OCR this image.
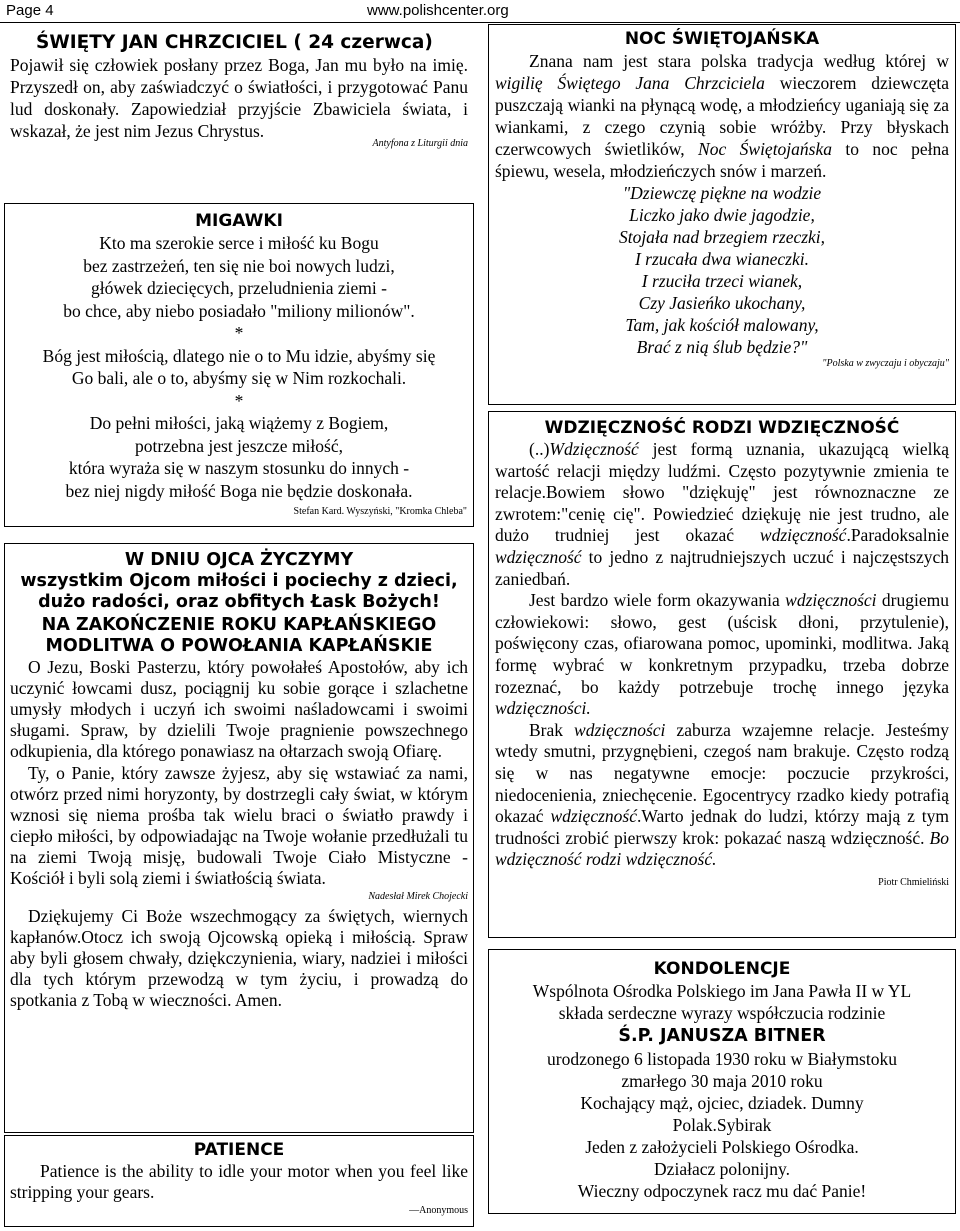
Page 4	www.polishcenter.org

ŚWIĘTY JAN CHRZCICIEL ( 24 czerwca)

Pojawił się człowiek posłany przez Boga, Jan mu było na imię. Przyszedł on, aby zaświadczyć o światłości, i przygotować Panu lud doskonały. Zapowiedział przyjście Zbawiciela świata, i wskazał, że jest nim Jezus Chrystus.

Antyfona z Liturgii dnia

MIGAWKI

Kto ma szerokie serce i miłość ku Bogu

bez zastrzeżeń, ten się nie boi nowych ludzi,

główek dziecięcych, przeludnienia ziemi -

bo chce, aby niebo posiadało "miliony milionów".

*

Bóg jest miłością, dlatego nie o to Mu idzie, abyśmy się

Go bali, ale o to, abyśmy się w Nim rozkochali.

*

Do pełni miłości, jaką wiążemy z Bogiem,

potrzebna jest jeszcze miłość,

która wyraża się w naszym stosunku do innych -

bez niej nigdy miłość Boga nie będzie doskonała.

Stefan Kard. Wyszyński, "Kromka Chleba"

W DNIU OJCA ŻYCZYMY

wszystkim Ojcom miłości i pociechy z dzieci, dużo radości, oraz obfitych Łask Bożych!

NA ZAKOŃCZENIE ROKU KAPŁAŃSKIEGO

MODLITWA O POWOŁANIA KAPŁAŃSKIE

O Jezu, Boski Pasterzu, który powołałeś Apostołów, aby ich uczynić łowcami dusz, pociągnij ku sobie gorące i szlachetne umysły młodych i uczyń ich swoimi naśladowcami i swoimi sługami. Spraw, by dzielili Twoje pragnienie powszechnego odkupienia, dla którego ponawiasz na ołtarzach swoją Ofiarę.

Ty, o Panie, który zawsze żyjesz, aby się wstawiać za nami, otwórz przed nimi horyzonty, by dostrzegli cały świat, w którym wznosi się niema prośba tak wielu braci o światło prawdy i ciepło miłości, by odpowiadając na Twoje wołanie przedłużali tu na ziemi Twoją misję, budowali Twoje Ciało Mistyczne - Kościół i byli solą ziemi i światłością świata.

Nadesłał Mirek Chojecki

Dziękujemy Ci Boże wszechmogący za świętych, wiernych kapłanów.Otocz ich swoją Ojcowską opieką i miłością. Spraw aby byli głosem chwały, dziękczynienia, wiary, nadziei i miłości dla tych którym przewodzą w tym życiu, i prowadzą do spotkania z Tobą w wieczności. Amen.

PATIENCE

Patience is the ability to idle your motor when you feel like stripping your gears.

—Anonymous

NOC ŚWIĘTOJAŃSKA

Znana nam jest stara polska tradycja według której w wigilię Świętego Jana Chrzciciela wieczorem dziewczęta puszczają wianki na płynącą wodę, a młodzieńcy uganiają się za wiankami, z czego czynią sobie wróżby. Przy błyskach czerwcowych świetlików, Noc Świętojańska to noc pełna śpiewu, wesela, młodzieńczych snów i marzeń.

"Dziewczę piękne na wodzie

Liczko jako dwie jagodzie,

Stojała nad brzegiem rzeczki,

I rzucała dwa wianeczki.

I rzuciła trzeci wianek,

Czy Jasieńko ukochany,

Tam, jak kościół malowany,

Brać z nią ślub będzie?"

"Polska w zwyczaju i obyczaju"

WDZIĘCZNOŚĆ RODZI WDZIĘCZNOŚĆ

(..)Wdzięczność jest formą uznania, ukazującą wielką wartość relacji między ludźmi. Często pozytywnie zmienia te relacje.Bowiem słowo "dziękuję" jest równoznaczne ze zwrotem:"cenię cię". Powiedzieć dziękuję nie jest trudno, ale dużo trudniej jest okazać wdzięczność.Paradoksalnie wdzięczność to jedno z najtrudniejszych uczuć i najczęstszych zaniedbań.

Jest bardzo wiele form okazywania wdzięczności drugiemu człowiekowi: słowo, gest (uścisk dłoni, przytulenie), poświęcony czas, ofiarowana pomoc, upominki, modlitwa. Jaką formę wybrać w konkretnym przypadku, trzeba dobrze rozeznać, bo każdy potrzebuje trochę innego języka wdzięczności.

Brak wdzięczności zaburza wzajemne relacje. Jesteśmy wtedy smutni, przygnębieni, czegoś nam brakuje. Często rodzą się w nas negatywne emocje: poczucie przykrości, niedocenienia, zniechęcenie. Egocentrycy rzadko kiedy potrafią okazać wdzięczność.Warto jednak do ludzi, którzy mają z tym trudności zrobić pierwszy krok: pokazać naszą wdzięczność. Bo wdzięczność rodzi wdzięczność.

Piotr Chmieliński

KONDOLENCJE

Wspólnota Ośrodka Polskiego im Jana Pawła II w YL

składa serdeczne wyrazy współczucia rodzinie

Ś.P. JANUSZA BITNER

urodzonego 6 listopada 1930 roku w Białymstoku

zmarłego 30 maja 2010 roku

Kochający mąż, ojciec, dziadek. Dumny

Polak.Sybirak

Jeden z założycieli Polskiego Ośrodka.

Działacz polonijny.

Wieczny odpoczynek racz mu dać Panie!
